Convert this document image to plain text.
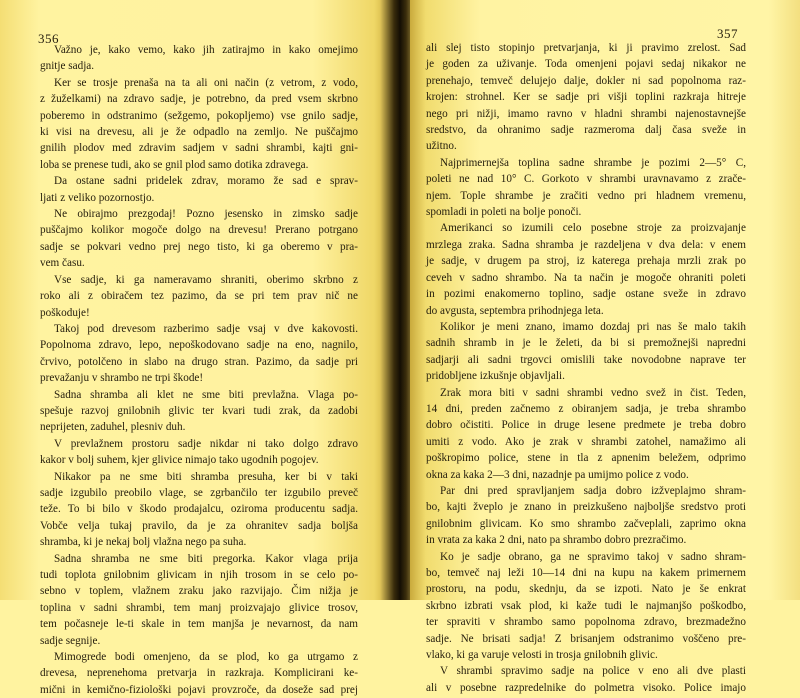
356
Važno je, kako vemo, kako jih zatirajmo in kako omejimo
gnitje sadja.
Ker se trosje prenaša na ta ali oni način (z vetrom, z vodo,
z žuželkami) na zdravo sadje, je potrebno, da pred vsem skrbno
poberemo in odstranimo (sežgemo, pokopljemo) vse gnilo sadje,
ki visi na drevesu, ali je že odpadlo na zemljo. Ne puščajmo
gnilih plodov med zdravim sadjem v sadni shrambi, kajti gni-
loba se prenese tudi, ako se gnil plod samo dotika zdravega.
Da ostane sadni pridelek zdrav, moramo že sad e sprav-
ljati z veliko pozornostjo.
Ne obirajmo prezgodaj! Pozno jesensko in zimsko sadje
puščajmo kolikor mogoče dolgo na drevesu! Prerano potrgano
sadje se pokvari vedno prej nego tisto, ki ga oberemo v pra-
vem času.
Vse sadje, ki ga nameravamo shraniti, oberimo skrbno z
roko ali z obiračem tez pazimo, da se pri tem prav nič ne
poškoduje!
Takoj pod drevesom razberimo sadje vsaj v dve kakovosti.
Popolnoma zdravo, lepo, nepoškodovano sadje na eno, nagnilo,
črvivo, potolčeno in slabo na drugo stran. Pazimo, da sadje pri
prevažanju v shrambo ne trpi škode!
Sadna shramba ali klet ne sme biti prevlažna. Vlaga po-
spešuje razvoj gnilobnih glivic ter kvari tudi zrak, da zadobi
neprijeten, zaduhel, plesniv duh.
V prevlažnem prostoru sadje nikdar ni tako dolgo zdravo
kakor v bolj suhem, kjer glivice nimajo tako ugodnih pogojev.
Nikakor pa ne sme biti shramba presuha, ker bi v taki
sadje izgubilo preobilo vlage, se zgrbančilo ter izgubilo preveč
teže. To bi bilo v škodo prodajalcu, oziroma producentu sadja.
Vobče velja tukaj pravilo, da je za ohranitev sadja boljša
shramba, ki je nekaj bolj vlažna nego pa suha.
Sadna shramba ne sme biti pregorka. Kakor vlaga prija
tudi toplota gnilobnim glivicam in njih trosom in se celo po-
sebno v toplem, vlažnem zraku jako razvijajo. Čim nižja je
toplina v sadni shrambi, tem manj proizvajajo glivice trosov,
tem počasneje le-ti skale in tem manjša je nevarnost, da nam
sadje segnije.
Mimogrede bodi omenjeno, da se plod, ko ga utrgamo z
drevesa, neprenehoma pretvarja in razkraja. Komplicirani ke-
mični in kemično-fiziološki pojavi provzroče, da doseže sad prej
357
ali slej tisto stopinjo pretvarjanja, ki ji pravimo zrelost. Sad
je goden za uživanje. Toda omenjeni pojavi sedaj nikakor ne
prenehajo, temveč delujejo dalje, dokler ni sad popolnoma raz-
krojen: strohnel. Ker se sadje pri višji toplini razkraja hitreje
nego pri nižji, imamo ravno v hladni shrambi najenostavnejše
sredstvo, da ohranimo sadje razmeroma dalj časa sveže in
užitno.
Najprimernejša toplina sadne shrambe je pozimi 2—5° C,
poleti ne nad 10° C. Gorkoto v shrambi uravnavamo z zrače-
njem. Tople shrambe je zračiti vedno pri hladnem vremenu,
spomladi in poleti na bolje ponoči.
Amerikanci so izumili celo posebne stroje za proizvajanje
mrzlega zraka. Sadna shramba je razdeljena v dva dela: v enem
je sadje, v drugem pa stroj, iz katerega prehaja mrzli zrak po
ceveh v sadno shrambo. Na ta način je mogoče ohraniti poleti
in pozimi enakomerno toplino, sadje ostane sveže in zdravo
do avgusta, septembra prihodnjega leta.
Kolikor je meni znano, imamo dozdaj pri nas še malo takih
sadnih shramb in je le želeti, da bi si premožnejši napredni
sadjarji ali sadni trgovci omislili take novodobne naprave ter
pridobljene izkušnje objavljali.
Zrak mora biti v sadni shrambi vedno svež in čist. Teden,
14 dni, preden začnemo z obiranjem sadja, je treba shrambo
dobro očistiti. Police in druge lesene predmete je treba dobro
umiti z vodo. Ako je zrak v shrambi zatohel, namažimo ali
poškropimo police, stene in tla z apnenim beležem, odprimo
okna za kaka 2—3 dni, nazadnje pa umijmo police z vodo.
Par dni pred spravljanjem sadja dobro izžveplajmo shram-
bo, kajti žveplo je znano in preizkušeno najboljše sredstvo proti
gnilobnim glivicam. Ko smo shrambo začveplali, zaprimo okna
in vrata za kaka 2 dni, nato pa shrambo dobro prezračimo.
Ko je sadje obrano, ga ne spravimo takoj v sadno shram-
bo, temveč naj leži 10—14 dni na kupu na kakem primernem
prostoru, na podu, skednju, da se izpoti. Nato je še enkrat
skrbno izbrati vsak plod, ki kaže tudi le najmanjšo poškodbo,
ter spraviti v shrambo samo popolnoma zdravo, brezmadežno
sadje. Ne brisati sadja! Z brisanjem odstranimo voščeno pre-
vlako, ki ga varuje velosti in trosja gnilobnih glivic.
V shrambi spravimo sadje na police v eno ali dve plasti
ali v posebne razpredelnike do polmetra visoko. Police imajo
